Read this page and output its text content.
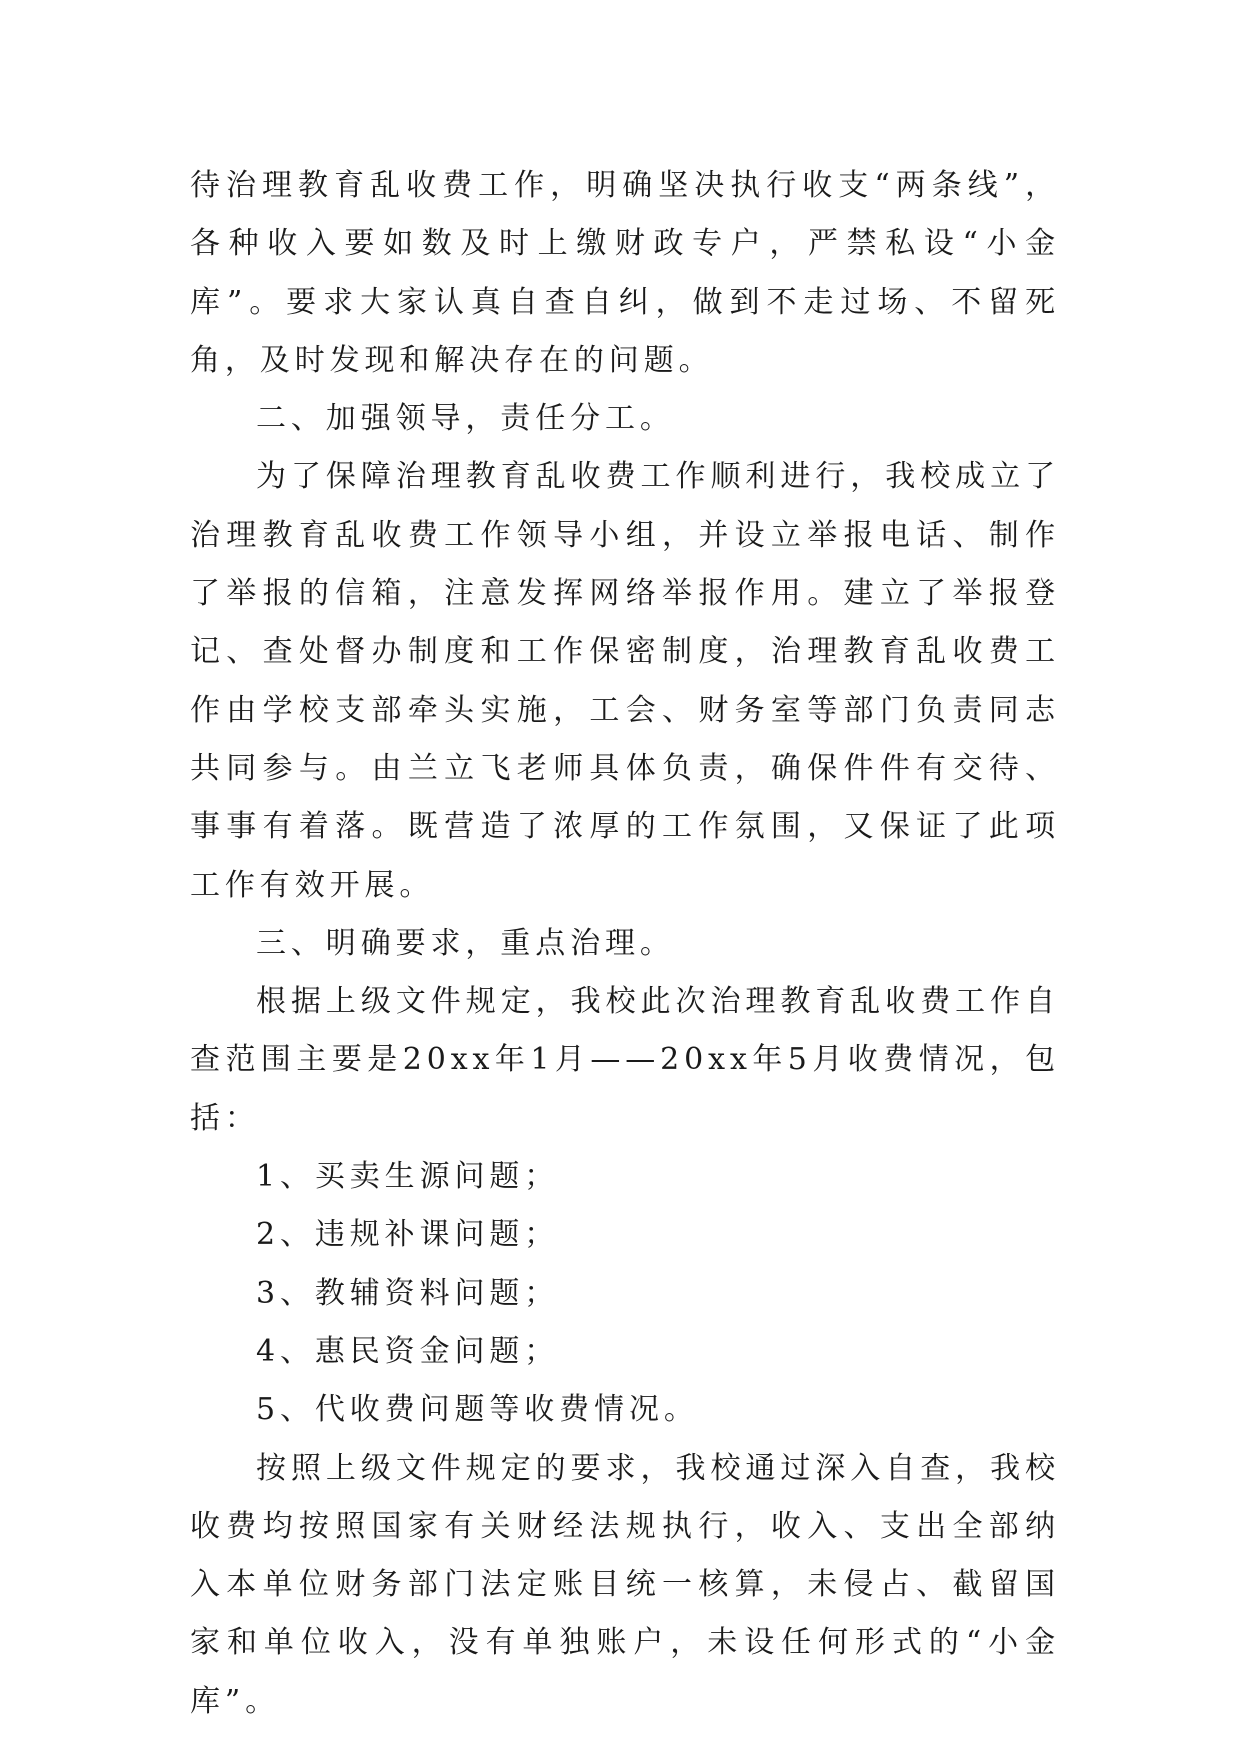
待治理教育乱收费工作，明确坚决执行收支“两条线”，各种收入要如数及时上缴财政专户，严禁私设“小金库”。要求大家认真自查自纠，做到不走过场、不留死角，及时发现和解决存在的问题。

二、加强领导，责任分工。

为了保障治理教育乱收费工作顺利进行，我校成立了治理教育乱收费工作领导小组，并设立举报电话、制作了举报的信箱，注意发挥网络举报作用。建立了举报登记、查处督办制度和工作保密制度，治理教育乱收费工作由学校支部牵头实施，工会、财务室等部门负责同志共同参与。由兰立飞老师具体负责，确保件件有交待、事事有着落。既营造了浓厚的工作氛围，又保证了此项工作有效开展。

三、明确要求，重点治理。

根据上级文件规定，我校此次治理教育乱收费工作自查范围主要是20xx年1月——20xx年5月收费情况，包括：

1、买卖生源问题；

2、违规补课问题；

3、教辅资料问题；

4、惠民资金问题；

5、代收费问题等收费情况。

按照上级文件规定的要求，我校通过深入自查，我校收费均按照国家有关财经法规执行，收入、支出全部纳入本单位财务部门法定账目统一核算，未侵占、截留国家和单位收入，没有单独账户，未设任何形式的“小金库”。
